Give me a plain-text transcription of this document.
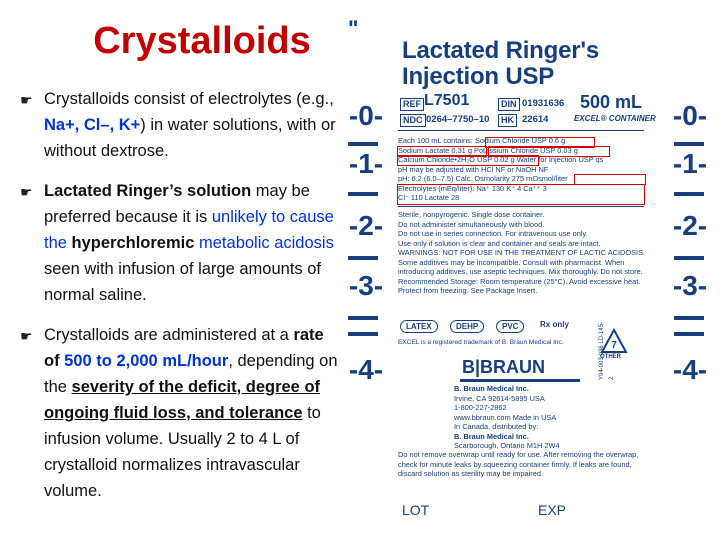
Crystalloids
☛ Crystalloids consist of electrolytes (e.g., Na+, Cl–, K+) in water solutions, with or without dextrose.
☛ Lactated Ringer’s solution may be preferred because it is unlikely to cause the hyperchloremic metabolic acidosis seen with infusion of large amounts of normal saline.
☛ Crystalloids are administered at a rate of 500 to 2,000 mL/hour, depending on the severity of the deficit, degree of ongoing fluid loss, and tolerance to infusion volume. Usually 2 to 4 L of crystalloid normalizes intravascular volume.
"
Lactated Ringer's
Injection USP
-0-
-1-
-2-
-3-
-4-
-0-
-1-
-2-
-3-
-4-
REF L7501
NDC 0264–7750–10
DIN 01931636
HK 22614
500 mL
EXCEL® CONTAINER
Each 100 mL contains: Sodium Chloride USP 0.6 g
Sodium Lactate 0.31 g Potassium Chloride USP 0.03 g
Calcium Chloride•2H₂O USP 0.02 g Water for Injection USP qs
pH may be adjusted with HCl NF or NaOH NF
pH: 6.2 (6.0–7.5) Calc. Osmolarity 275 mOsmol/liter
Electrolytes (mEq/liter): Na⁺ 130 K⁺ 4 Ca⁺⁺ 3
Cl⁻ 110 Lactate 28
Sterile, nonpyrogenic. Single dose container.
Do not administer simultaneously with blood.
Do not use in series connection. For intravenous use only.
Use only if solution is clear and container and seals are intact.
WARNINGS: NOT FOR USE IN THE TREATMENT OF LACTIC ACIDOSIS. Some additives may be incompatible. Consult with pharmacist. When introducing additives, use aseptic techniques. Mix thoroughly. Do not store.
Recommended Storage: Room temperature (25°C). Avoid excessive heat. Protect from freezing. See Package Insert.
LATEX	DEHP	PVC	Rx only
7
OTHER
EXCEL is a registered trademark of B. Braun Medical Inc.
B|BRAUN
B. Braun Medical Inc.
Irvine, CA 92614-5895 USA
1-800-227-2862
www.bbraun.com Made in USA
In Canada, distributed by:
B. Braun Medical Inc.
Scarborough, Ontario M1H 2W4
Y94-003-036 LD-145-2
Do not remove overwrap until ready for use. After removing the overwrap, check for minute leaks by squeezing container firmly. If leaks are found, discard solution as sterility may be impaired.
LOT	EXP
